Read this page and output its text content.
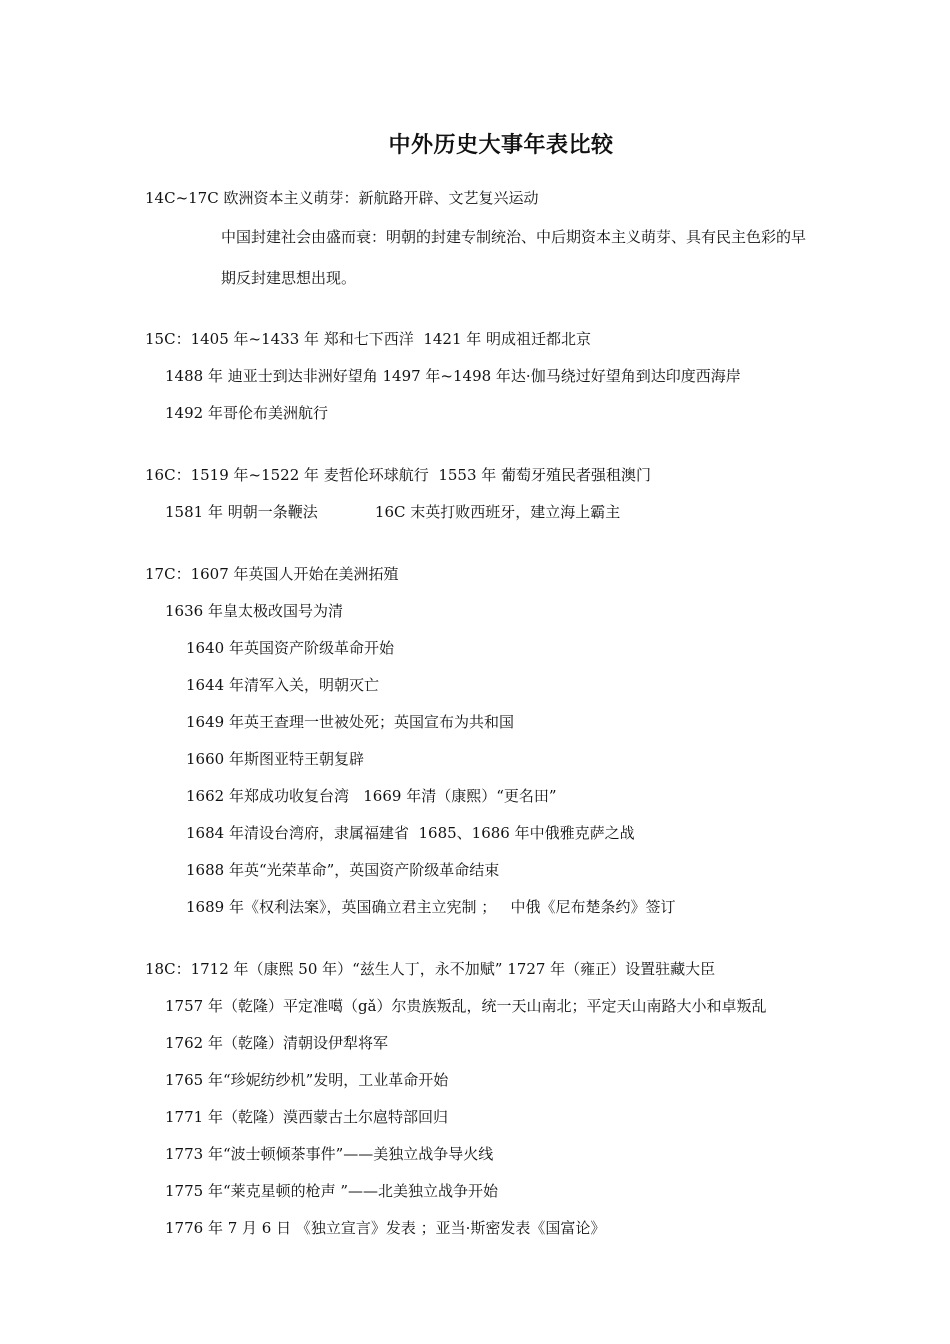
中外历史大事年表比较
14C~17C 欧洲资本主义萌芽：新航路开辟、文艺复兴运动
中国封建社会由盛而衰：明朝的封建专制统治、中后期资本主义萌芽、具有民主色彩的早
期反封建思想出现。
15C：1405 年~1433 年 郑和七下西洋  1421 年 明成祖迁都北京
1488 年 迪亚士到达非洲好望角 1497 年~1498 年达·伽马绕过好望角到达印度西海岸
1492 年哥伦布美洲航行
16C：1519 年~1522 年 麦哲伦环球航行  1553 年 葡萄牙殖民者强租澳门
1581 年 明朝一条鞭法            16C 末英打败西班牙，建立海上霸主
17C：1607 年英国人开始在美洲拓殖
1636 年皇太极改国号为清
1640 年英国资产阶级革命开始
1644 年清军入关，明朝灭亡
1649 年英王查理一世被处死；英国宣布为共和国
1660 年斯图亚特王朝复辟
1662 年郑成功收复台湾   1669 年清（康熙）“更名田”
1684 年清设台湾府，隶属福建省  1685、1686 年中俄雅克萨之战
1688 年英“光荣革命”，英国资产阶级革命结束
1689 年《权利法案》，英国确立君主立宪制 ；   中俄《尼布楚条约》签订
18C：1712 年（康熙 50 年）“兹生人丁，永不加赋” 1727 年（雍正）设置驻藏大臣
1757 年（乾隆）平定准噶（gǎ）尔贵族叛乱，统一天山南北；平定天山南路大小和卓叛乱
1762 年（乾隆）清朝设伊犁将军
1765 年“珍妮纺纱机”发明，工业革命开始
1771 年（乾隆）漠西蒙古土尔扈特部回归
1773 年“波士顿倾茶事件”——美独立战争导火线
1775 年“莱克星顿的枪声 ”——北美独立战争开始
1776 年 7 月 6 日 《独立宣言》发表 ；亚当·斯密发表《国富论》
